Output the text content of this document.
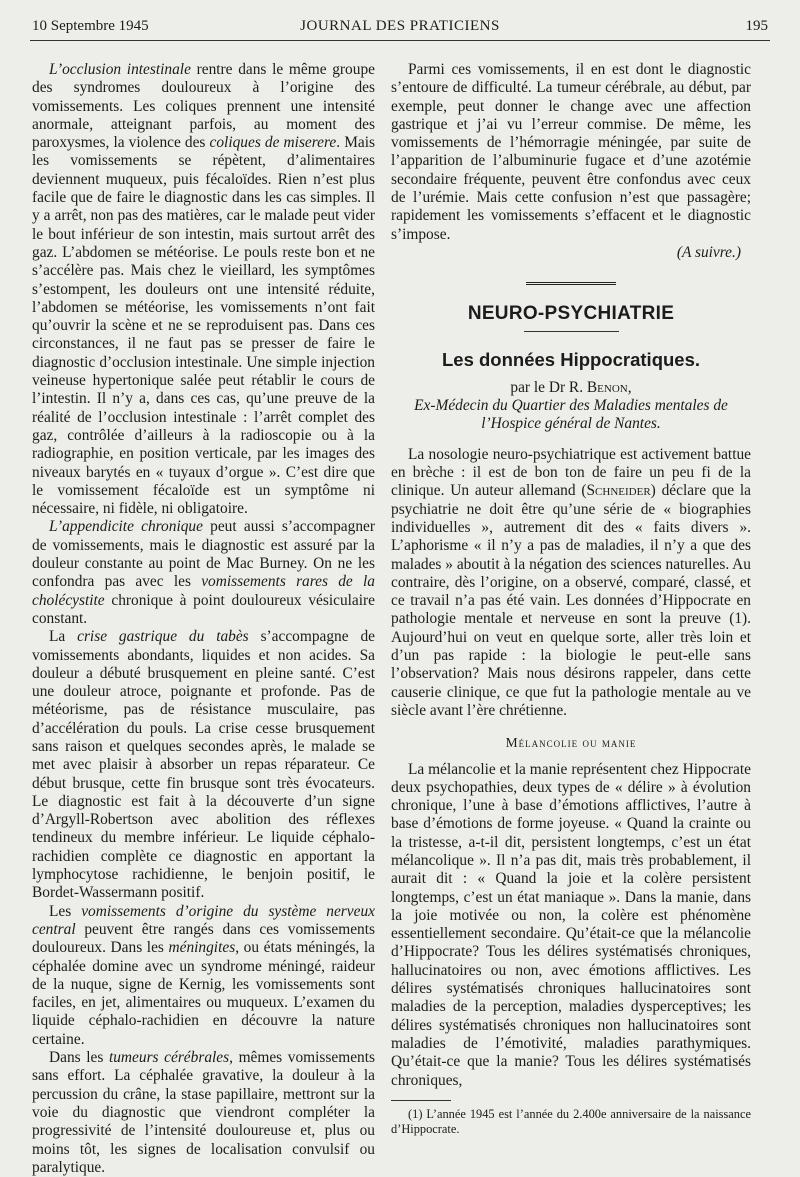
10 Septembre 1945	JOURNAL DES PRATICIENS	195

L’occlusion intestinale rentre dans le même groupe des syndromes douloureux à l’origine des vomissements. Les coliques prennent une intensité anormale, atteignant parfois, au moment des paroxysmes, la violence des coliques de miserere. Mais les vomissements se répètent, d’alimentaires deviennent muqueux, puis fécaloïdes. Rien n’est plus facile que de faire le diagnostic dans les cas simples. Il y a arrêt, non pas des matières, car le malade peut vider le bout inférieur de son intestin, mais surtout arrêt des gaz. L’abdomen se météorise. Le pouls reste bon et ne s’accélère pas. Mais chez le vieillard, les symptômes s’estompent, les douleurs ont une intensité réduite, l’abdomen se météorise, les vomissements n’ont fait qu’ouvrir la scène et ne se reproduisent pas. Dans ces circonstances, il ne faut pas se presser de faire le diagnostic d’occlusion intestinale. Une simple injection veineuse hypertonique salée peut rétablir le cours de l’intestin. Il n’y a, dans ces cas, qu’une preuve de la réalité de l’occlusion intestinale : l’arrêt complet des gaz, contrôlée d’ailleurs à la radioscopie ou à la radiographie, en position verticale, par les images des niveaux barytés en « tuyaux d’orgue ». C’est dire que le vomissement fécaloïde est un symptôme ni nécessaire, ni fidèle, ni obligatoire.

L’appendicite chronique peut aussi s’accompagner de vomissements, mais le diagnostic est assuré par la douleur constante au point de Mac Burney. On ne les confondra pas avec les vomissements rares de la cholécystite chronique à point douloureux vésiculaire constant.

La crise gastrique du tabès s’accompagne de vomissements abondants, liquides et non acides. Sa douleur a débuté brusquement en pleine santé. C’est une douleur atroce, poignante et profonde. Pas de météorisme, pas de résistance musculaire, pas d’accélération du pouls. La crise cesse brusquement sans raison et quelques secondes après, le malade se met avec plaisir à absorber un repas réparateur. Ce début brusque, cette fin brusque sont très évocateurs. Le diagnostic est fait à la découverte d’un signe d’Argyll-Robertson avec abolition des réflexes tendineux du membre inférieur. Le liquide céphalo-rachidien complète ce diagnostic en apportant la lymphocytose rachidienne, le benjoin positif, le Bordet-Wassermann positif.

Les vomissements d’origine du système nerveux central peuvent être rangés dans ces vomissements douloureux. Dans les méningites, ou états méningés, la céphalée domine avec un syndrome méningé, raideur de la nuque, signe de Kernig, les vomissements sont faciles, en jet, alimentaires ou muqueux. L’examen du liquide céphalo-rachidien en découvre la nature certaine.

Dans les tumeurs cérébrales, mêmes vomissements sans effort. La céphalée gravative, la douleur à la percussion du crâne, la stase papillaire, mettront sur la voie du diagnostic que viendront compléter la progressivité de l’intensité douloureuse et, plus ou moins tôt, les signes de localisation convulsif ou paralytique.

Parmi ces vomissements, il en est dont le diagnostic s’entoure de difficulté. La tumeur cérébrale, au début, par exemple, peut donner le change avec une affection gastrique et j’ai vu l’erreur commise. De même, les vomissements de l’hémorragie méningée, par suite de l’apparition de l’albuminurie fugace et d’une azotémie secondaire fréquente, peuvent être confondus avec ceux de l’urémie. Mais cette confusion n’est que passagère; rapidement les vomissements s’effacent et le diagnostic s’impose.

(A suivre.)
NEURO-PSYCHIATRIE
Les données Hippocratiques.
par le Dr R. Benon,
Ex-Médecin du Quartier des Maladies mentales de
l’Hospice général de Nantes.

La nosologie neuro-psychiatrique est activement battue en brèche : il est de bon ton de faire un peu fi de la clinique. Un auteur allemand (Schneider) déclare que la psychiatrie ne doit être qu’une série de « biographies individuelles », autrement dit des « faits divers ». L’aphorisme « il n’y a pas de maladies, il n’y a que des malades » aboutit à la négation des sciences naturelles. Au contraire, dès l’origine, on a observé, comparé, classé, et ce travail n’a pas été vain. Les données d’Hippocrate en pathologie mentale et nerveuse en sont la preuve (1). Aujourd’hui on veut en quelque sorte, aller très loin et d’un pas rapide : la biologie le peut-elle sans l’observation? Mais nous désirons rappeler, dans cette causerie clinique, ce que fut la pathologie mentale au ve siècle avant l’ère chrétienne.

Mélancolie ou manie

La mélancolie et la manie représentent chez Hippocrate deux psychopathies, deux types de « délire » à évolution chronique, l’une à base d’émotions afflictives, l’autre à base d’émotions de forme joyeuse. « Quand la crainte ou la tristesse, a-t-il dit, persistent longtemps, c’est un état mélancolique ». Il n’a pas dit, mais très probablement, il aurait dit : « Quand la joie et la colère persistent longtemps, c’est un état maniaque ». Dans la manie, dans la joie motivée ou non, la colère est phénomène essentiellement secondaire. Qu’était-ce que la mélancolie d’Hippocrate? Tous les délires systématisés chroniques, hallucinatoires ou non, avec émotions afflictives. Les délires systématisés chroniques hallucinatoires sont maladies de la perception, maladies dysperceptives; les délires systématisés chroniques non hallucinatoires sont maladies de l’émotivité, maladies parathymiques. Qu’était-ce que la manie? Tous les délires systématisés chroniques,

(1) L’année 1945 est l’année du 2.400e anniversaire de la naissance d’Hippocrate.
